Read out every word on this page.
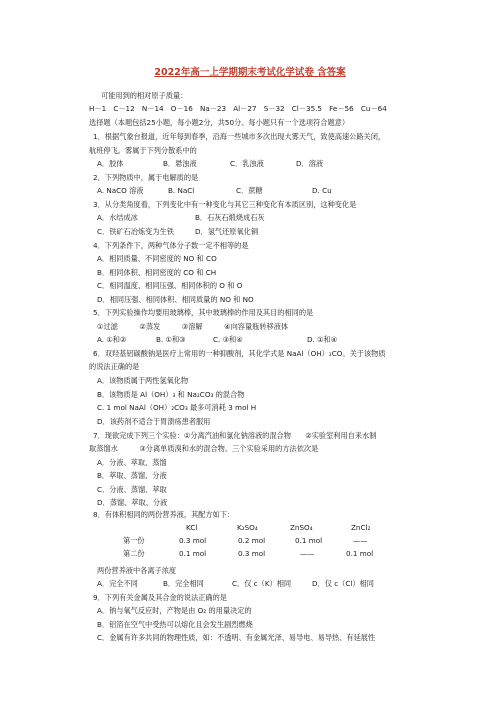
2022年高一上学期期末考试化学试卷 含答案
可能用到的相对原子质量：
H－1　C－12　N－14　O－16　Na－23　Al－27　S－32　Cl－35.5　Fe－56　Cu－64
选择题（本题包括25小题，每小题2分，共50分。每小题只有一个选项符合题意）
1．根据气象台报道，近年每到春季，沿海一些城市多次出现大雾天气，致使高速公路关闭，
航班停飞。雾属于下列分散系中的
A．胶体	B．悬浊液	C．乳浊液	D．溶液
2．下列物质中，属于电解质的是
A. NaCO 溶液	B. NaCl	C．蔗糖	D. Cu
3．从分类角度看，下列变化中有一种变化与其它三种变化有本质区别，这种变化是
A．水结成冰	B．石灰石煅烧成石灰
C．铁矿石冶炼变为生铁	D．氢气还原氧化铜
4．下列条件下，两种气体分子数一定不相等的是
A．相同质量、不同密度的 NO 和 CO
B．相同体积、相同密度的 CO 和 CH
C．相同温度、相同压强、相同体积的 O 和 O
D．相同压强、相同体积、相同质量的 NO 和 NO
5．下列实验操作均要用玻璃棒，其中玻璃棒的作用及其目的相同的是
①过滤　　　②蒸发　　　③溶解　　　④向容量瓶转移液体
A. ①和②	B. ①和③	C. ③和④	D. ①和④
6．双羟基铝碳酸钠是医疗上常用的一种抑酸剂，其化学式是 NaAl（OH）₂CO。关于该物质
的说法正确的是
A．该物质属于两性氢氧化物
B．该物质是 Al（OH）₃ 和 Na₂CO₃ 的混合物
C. 1 mol NaAl（OH）₂CO₃ 最多可消耗 3 mol H
D．该药剂不适合于胃溃疡患者服用
7．现欲完成下列三个实验：①分离汽油和氯化钠溶液的混合物　　②实验室利用自来水制
取蒸馏水　　　③分离单质溴和水的混合物。三个实验采用的方法依次是
A．分液、萃取、蒸馏
B．萃取、蒸馏、分液
C．分液、蒸馏、萃取
D．蒸馏、萃取、分液
8．有体积相同的两份营养液，其配方如下：
KCl	K₂SO₄	ZnSO₄	ZnCl₂
第一份	0.3 mol	0.2 mol	0.1 mol	——
第二份	0.1 mol	0.3 mol	——	0.1 mol
两份营养液中各离子浓度
A．完全不同	B．完全相同	C．仅 c（K）相同	D．仅 c（Cl）相同
9．下列有关金属及其合金的说法正确的是
A．钠与氧气反应时，产物是由 O₂ 的用量决定的
B．铝箔在空气中受热可以熔化且会发生剧烈燃烧
C．金属有许多共同的物理性质，如：不透明、有金属光泽、易导电、易导热、有延展性
